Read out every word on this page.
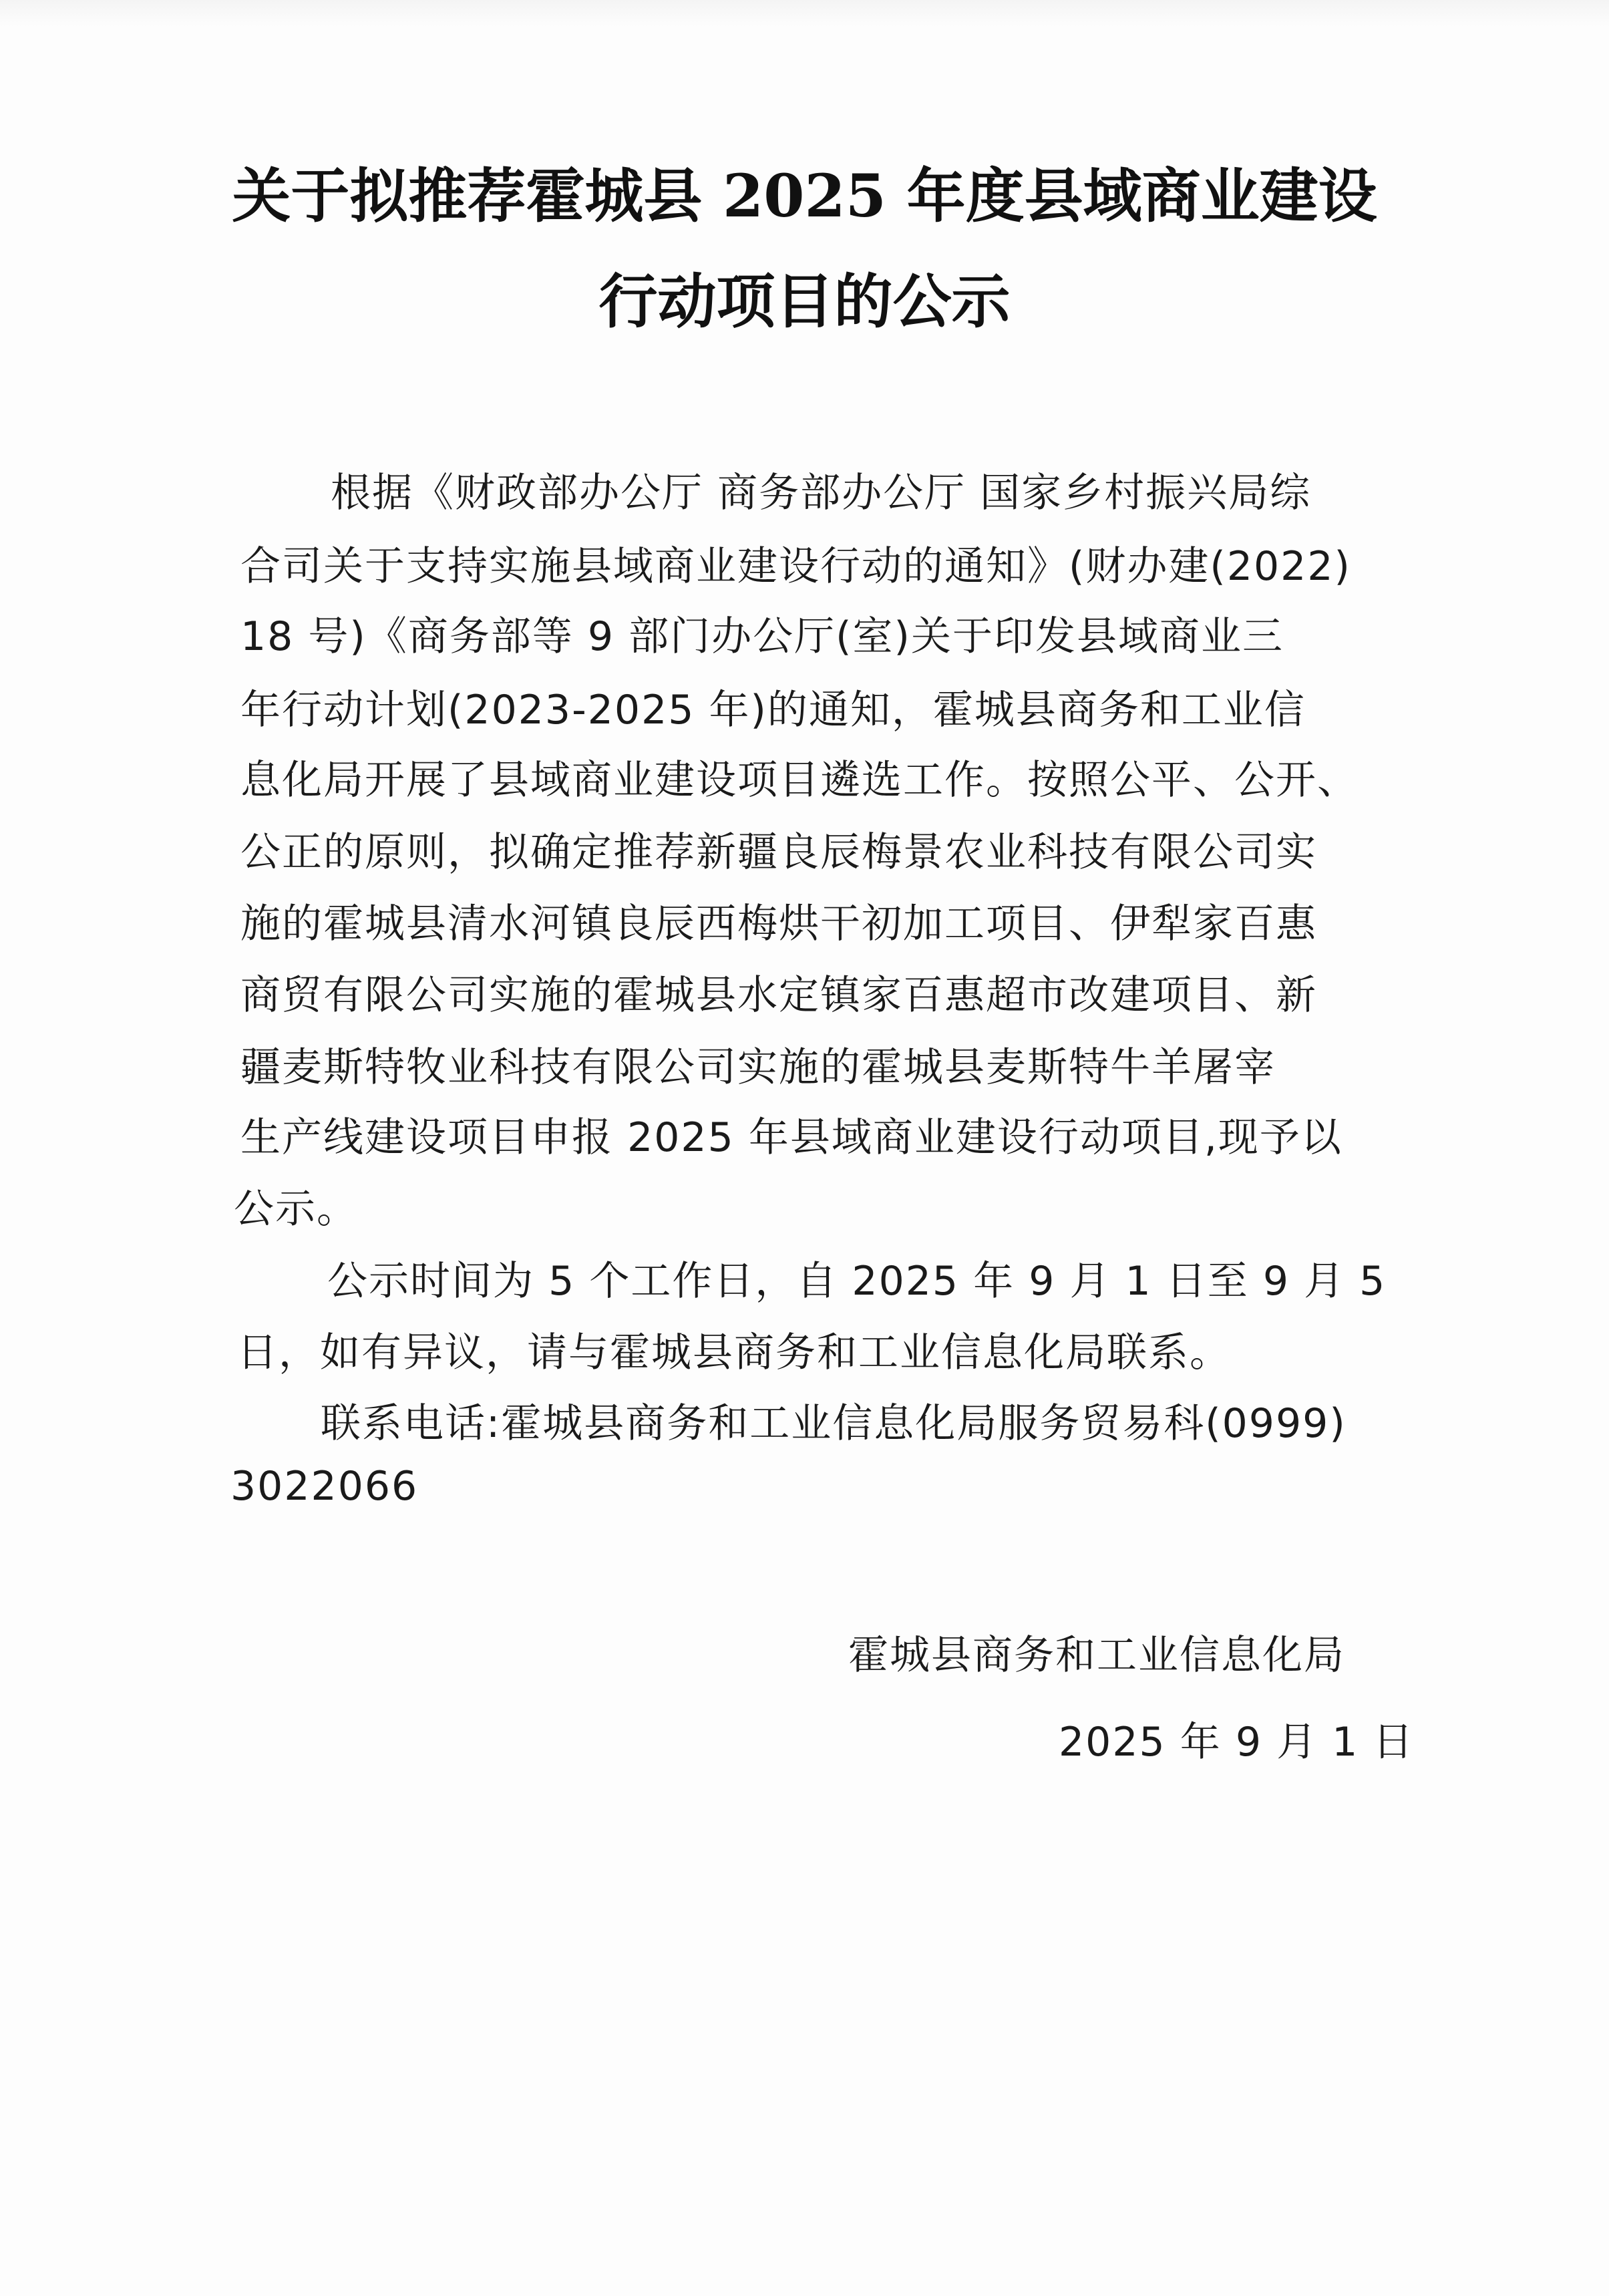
关于拟推荐霍城县 2025 年度县域商业建设
行动项目的公示
根据《财政部办公厅 商务部办公厅 国家乡村振兴局综
合司关于支持实施县域商业建设行动的通知》(财办建(2022)
18 号)《商务部等 9 部门办公厅(室)关于印发县域商业三
年行动计划(2023-2025 年)的通知，霍城县商务和工业信
息化局开展了县域商业建设项目遴选工作。按照公平、公开、
公正的原则，拟确定推荐新疆良辰梅景农业科技有限公司实
施的霍城县清水河镇良辰西梅烘干初加工项目、伊犁家百惠
商贸有限公司实施的霍城县水定镇家百惠超市改建项目、新
疆麦斯特牧业科技有限公司实施的霍城县麦斯特牛羊屠宰
生产线建设项目申报 2025 年县域商业建设行动项目,现予以
公示。
公示时间为 5 个工作日，自 2025 年 9 月 1 日至 9 月 5
日，如有异议，请与霍城县商务和工业信息化局联系。
联系电话:霍城县商务和工业信息化局服务贸易科(0999)
3022066
霍城县商务和工业信息化局
2025 年 9 月 1 日
